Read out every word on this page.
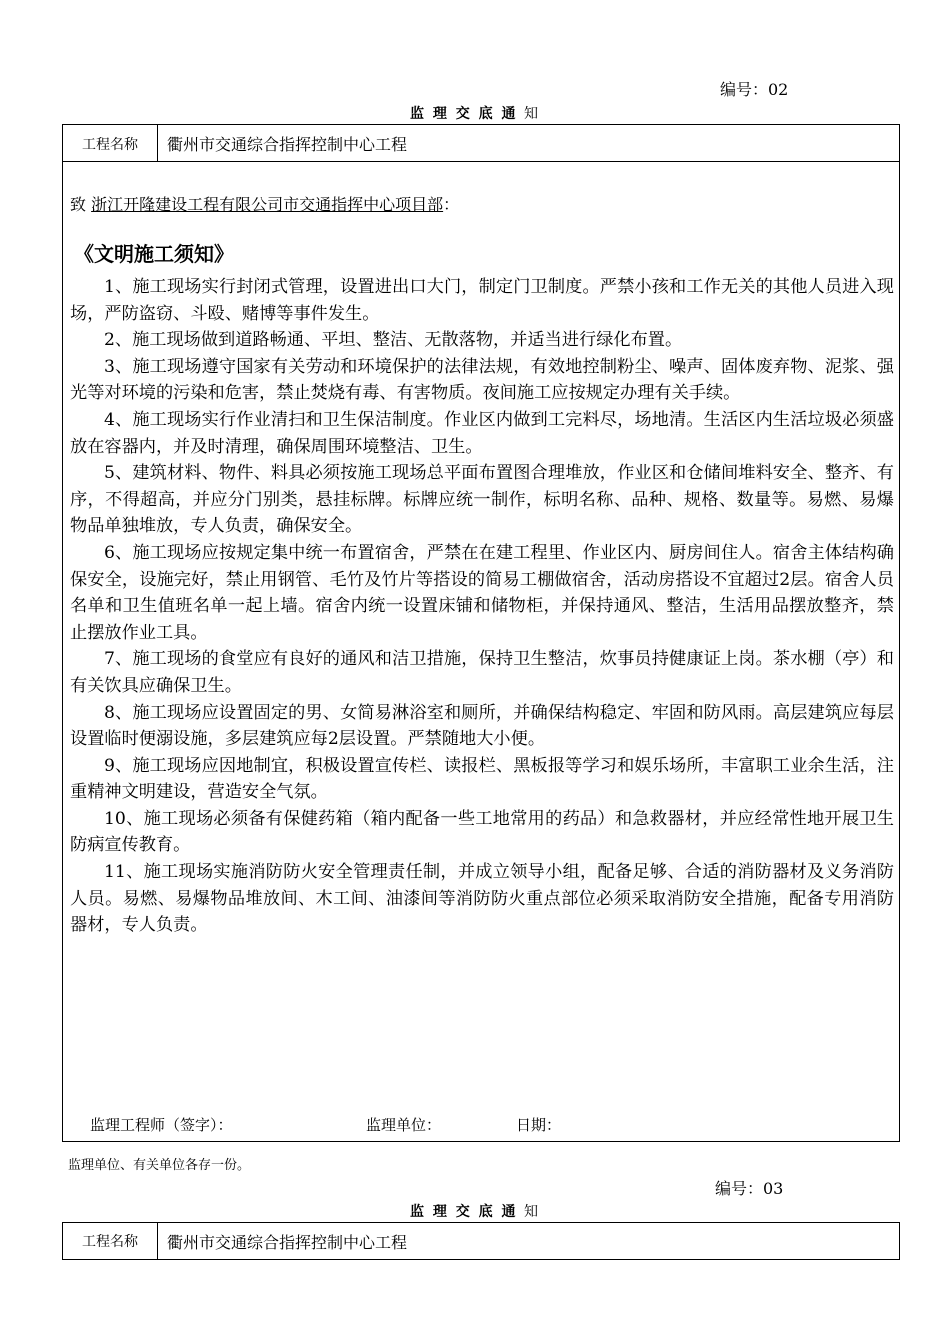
编号：02
监 理 交 底 通 知
工程名称	衢州市交通综合指挥控制中心工程
致 浙江开隆建设工程有限公司市交通指挥中心项目部：
《文明施工须知》

1、施工现场实行封闭式管理，设置进出口大门，制定门卫制度。严禁小孩和工作无关的其他人员进入现场，严防盗窃、斗殴、赌博等事件发生。

2、施工现场做到道路畅通、平坦、整洁、无散落物，并适当进行绿化布置。

3、施工现场遵守国家有关劳动和环境保护的法律法规，有效地控制粉尘、噪声、固体废弃物、泥浆、强光等对环境的污染和危害，禁止焚烧有毒、有害物质。夜间施工应按规定办理有关手续。

4、施工现场实行作业清扫和卫生保洁制度。作业区内做到工完料尽，场地清。生活区内生活垃圾必须盛放在容器内，并及时清理，确保周围环境整洁、卫生。

5、建筑材料、物件、料具必须按施工现场总平面布置图合理堆放，作业区和仓储间堆料安全、整齐、有序，不得超高，并应分门别类，悬挂标牌。标牌应统一制作，标明名称、品种、规格、数量等。易燃、易爆物品单独堆放，专人负责，确保安全。

6、施工现场应按规定集中统一布置宿舍，严禁在在建工程里、作业区内、厨房间住人。宿舍主体结构确保安全，设施完好，禁止用钢管、毛竹及竹片等搭设的简易工棚做宿舍，活动房搭设不宜超过2层。宿舍人员名单和卫生值班名单一起上墙。宿舍内统一设置床铺和储物柜，并保持通风、整洁，生活用品摆放整齐，禁止摆放作业工具。

7、施工现场的食堂应有良好的通风和洁卫措施，保持卫生整洁，炊事员持健康证上岗。茶水棚（亭）和有关饮具应确保卫生。

8、施工现场应设置固定的男、女简易淋浴室和厕所，并确保结构稳定、牢固和防风雨。高层建筑应每层设置临时便溺设施，多层建筑应每2层设置。严禁随地大小便。

9、施工现场应因地制宜，积极设置宣传栏、读报栏、黑板报等学习和娱乐场所，丰富职工业余生活，注重精神文明建设，营造安全气氛。

10、施工现场必须备有保健药箱（箱内配备一些工地常用的药品）和急救器材，并应经常性地开展卫生防病宣传教育。

11、施工现场实施消防防火安全管理责任制，并成立领导小组，配备足够、合适的消防器材及义务消防人员。易燃、易爆物品堆放间、木工间、油漆间等消防防火重点部位必须采取消防安全措施，配备专用消防器材，专人负责。

监理工程师（签字）：	监理单位：	日期：
监理单位、有关单位各存一份。
编号：03
监 理 交 底 通 知
工程名称	衢州市交通综合指挥控制中心工程
